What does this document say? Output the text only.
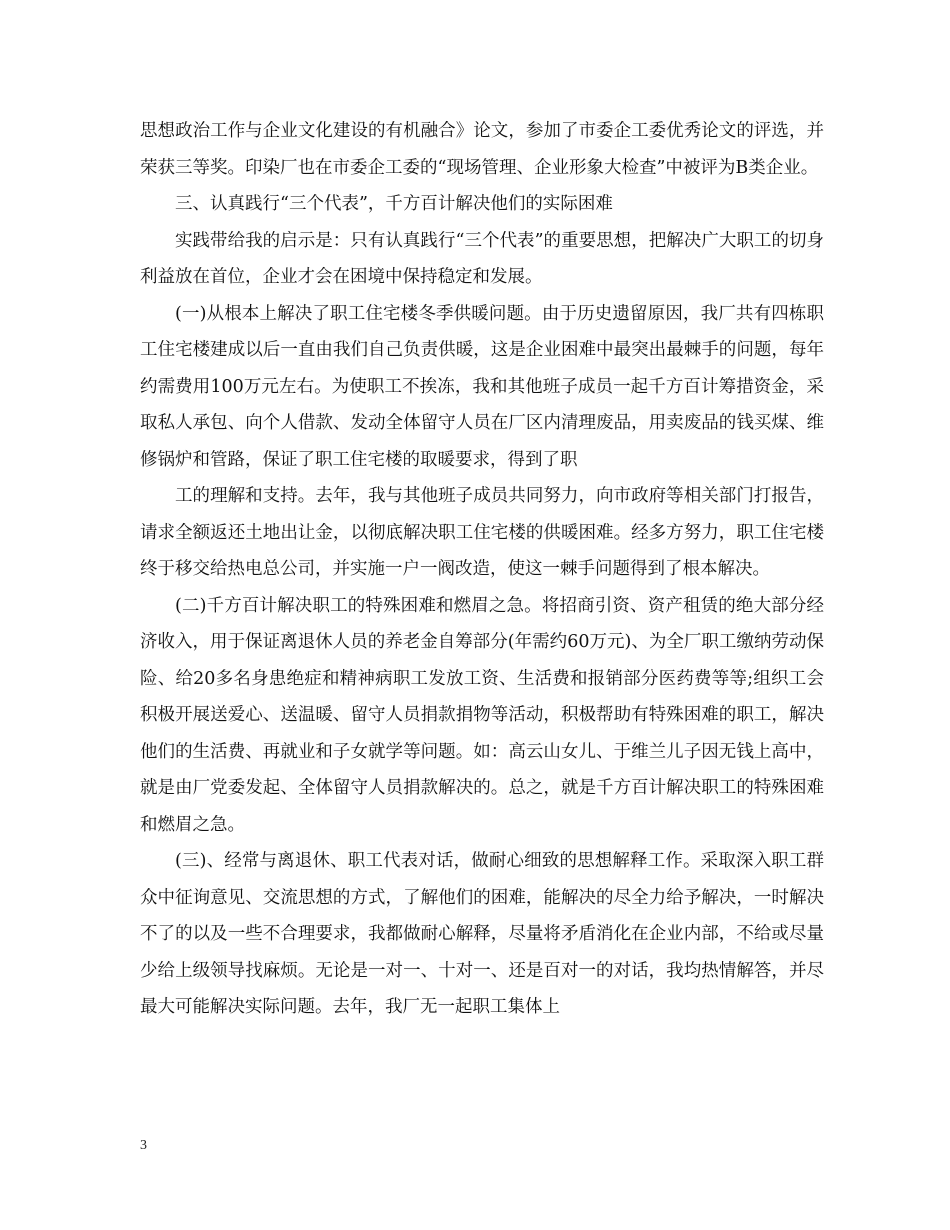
思想政治工作与企业文化建设的有机融合》论文，参加了市委企工委优秀论文的评选，并荣获三等奖。印染厂也在市委企工委的“现场管理、企业形象大检查”中被评为B类企业。

三、认真践行“三个代表”，千方百计解决他们的实际困难

实践带给我的启示是：只有认真践行“三个代表”的重要思想，把解决广大职工的切身利益放在首位，企业才会在困境中保持稳定和发展。

(一)从根本上解决了职工住宅楼冬季供暖问题。由于历史遗留原因，我厂共有四栋职工住宅楼建成以后一直由我们自己负责供暖，这是企业困难中最突出最棘手的问题，每年约需费用100万元左右。为使职工不挨冻，我和其他班子成员一起千方百计筹措资金，采取私人承包、向个人借款、发动全体留守人员在厂区内清理废品，用卖废品的钱买煤、维修锅炉和管路，保证了职工住宅楼的取暖要求，得到了职

工的理解和支持。去年，我与其他班子成员共同努力，向市政府等相关部门打报告，请求全额返还土地出让金，以彻底解决职工住宅楼的供暖困难。经多方努力，职工住宅楼终于移交给热电总公司，并实施一户一阀改造，使这一棘手问题得到了根本解决。

(二)千方百计解决职工的特殊困难和燃眉之急。将招商引资、资产租赁的绝大部分经济收入，用于保证离退休人员的养老金自筹部分(年需约60万元)、为全厂职工缴纳劳动保险、给20多名身患绝症和精神病职工发放工资、生活费和报销部分医药费等等;组织工会积极开展送爱心、送温暖、留守人员捐款捐物等活动，积极帮助有特殊困难的职工，解决他们的生活费、再就业和子女就学等问题。如：高云山女儿、于维兰儿子因无钱上高中，就是由厂党委发起、全体留守人员捐款解决的。总之，就是千方百计解决职工的特殊困难和燃眉之急。

(三)、经常与离退休、职工代表对话，做耐心细致的思想解释工作。采取深入职工群众中征询意见、交流思想的方式，了解他们的困难，能解决的尽全力给予解决，一时解决不了的以及一些不合理要求，我都做耐心解释，尽量将矛盾消化在企业内部，不给或尽量少给上级领导找麻烦。无论是一对一、十对一、还是百对一的对话，我均热情解答，并尽最大可能解决实际问题。去年，我厂无一起职工集体上

3
